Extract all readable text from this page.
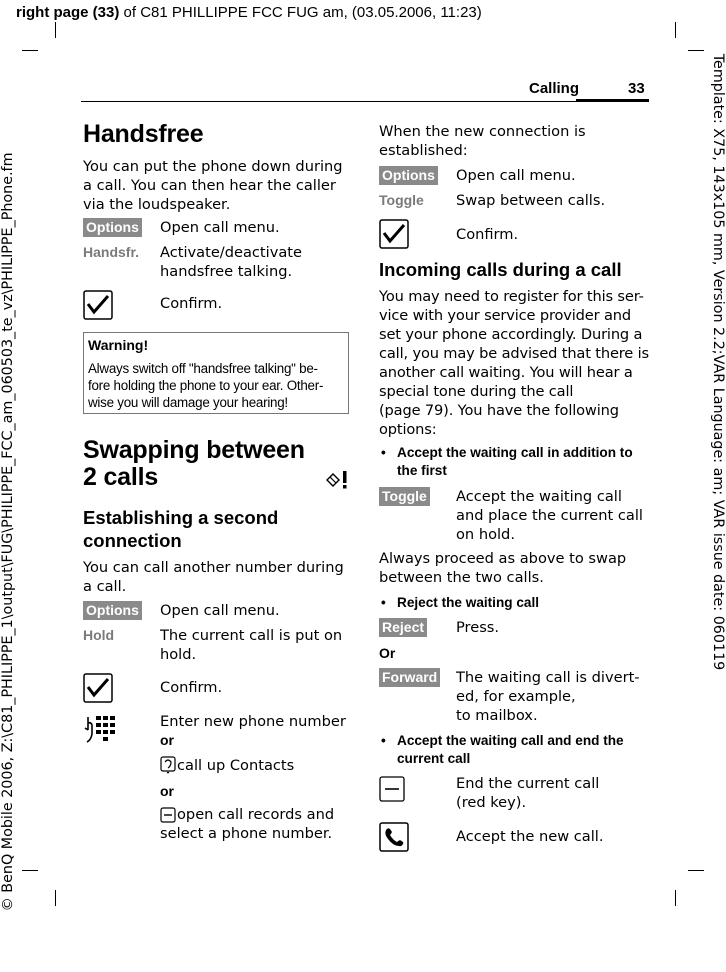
right page (33) of C81 PHILLIPPE FCC FUG am, (03.05.2006, 11:23)
© BenQ Mobile 2006, Z:\C81_PHILIPPE_1\output\FUG\PHILIPPE_FCC_am_060503_te_vz\PHILIPPE_Phone.fm	Template: X75, 143x105 mm, Version 2.2;VAR Language: am; VAR issue date: 060119
Calling	33
Handsfree
You can put the phone down during
a call. You can then hear the caller
via the loudspeaker.
Options Open call menu.
Handsfr. Activate/deactivate
handsfree talking.
Confirm.
Warning!
Always switch off "handsfree talking" be-
fore holding the phone to your ear. Other-
wise you will damage your hearing!
Swapping between
2 calls
Establishing a second
connection
You can call another number during
a call.
Options Open call menu.
Hold	The current call is put on
hold.
Confirm.
Enter new phone number
or
call up Contacts
or
open call records and
select a phone number.
When the new connection is
established:
Options Open call menu.
Toggle Swap between calls.
Confirm.
Incoming calls during a call
You may need to register for this ser-
vice with your service provider and
set your phone accordingly. During a
call, you may be advised that there is
another call waiting. You will hear a
special tone during the call
(page 79). You have the following
options:
• Accept the waiting call in addition to
the first
Toggle Accept the waiting call
and place the current call
on hold.
Always proceed as above to swap
between the two calls.
• Reject the waiting call
Reject Press.
Or
Forward The waiting call is divert-
ed, for example,
to mailbox.
• Accept the waiting call and end the
current call
End the current call
(red key).
Accept the new call.
